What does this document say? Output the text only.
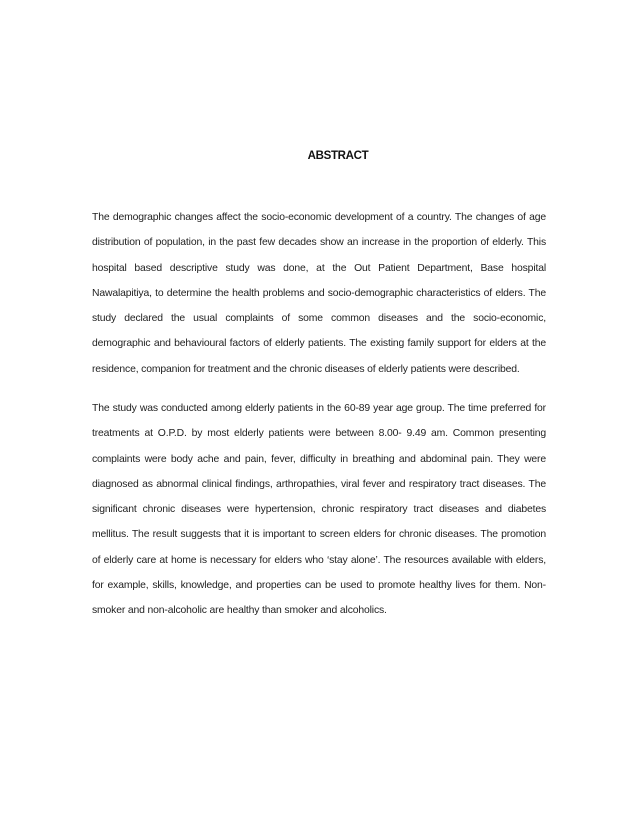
ABSTRACT

The demographic changes affect the socio-economic development of a country. The changes of age distribution of population, in the past few decades show an increase in the proportion of elderly. This hospital based descriptive study was done, at the Out Patient Department, Base hospital Nawalapitiya, to determine the health problems and socio-demographic characteristics of elders. The study declared the usual complaints of some common diseases and the socio-economic, demographic and behavioural factors of elderly patients. The existing family support for elders at the residence, companion for treatment and the chronic diseases of elderly patients were described.

The study was conducted among elderly patients in the 60-89 year age group. The time preferred for treatments at O.P.D. by most elderly patients were between 8.00- 9.49 am. Common presenting complaints were body ache and pain, fever, difficulty in breathing and abdominal pain. They were diagnosed as abnormal clinical findings, arthropathies, viral fever and respiratory tract diseases. The significant chronic diseases were hypertension, chronic respiratory tract diseases and diabetes mellitus. The result suggests that it is important to screen elders for chronic diseases. The promotion of elderly care at home is necessary for elders who ‘stay alone’. The resources available with elders, for example, skills, knowledge, and properties can be used to promote healthy lives for them. Non-smoker and non-alcoholic are healthy than smoker and alcoholics.
